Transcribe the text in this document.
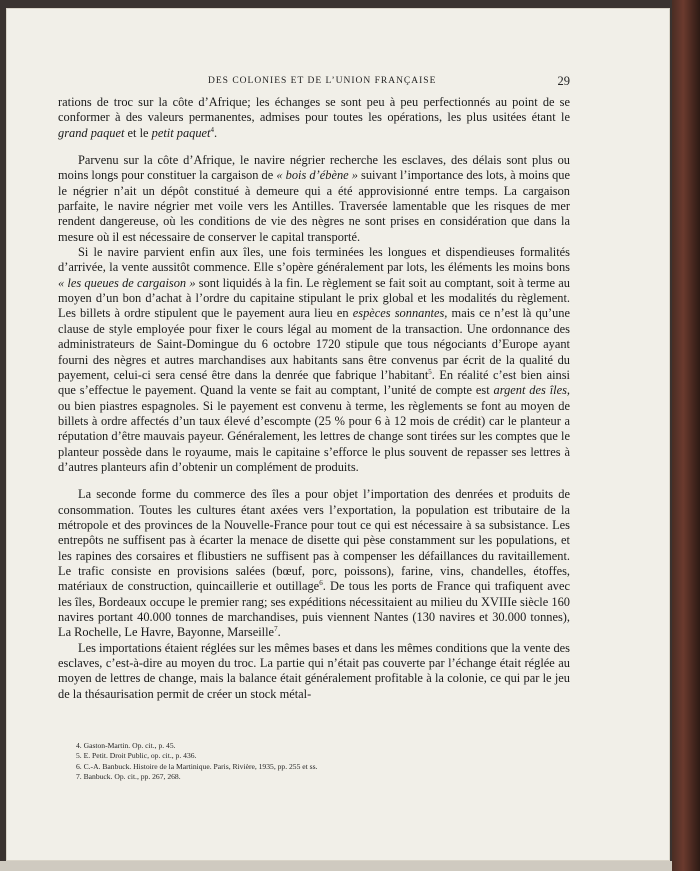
DES COLONIES ET DE L’UNION FRANÇAISE	29

rations de troc sur la côte d’Afrique; les échanges se sont peu à peu perfectionnés au point de se conformer à des valeurs permanentes, admises pour toutes les opérations, les plus usitées étant le grand paquet et le petit paquet$^4$.

Parvenu sur la côte d’Afrique, le navire négrier recherche les esclaves, des délais sont plus ou moins longs pour constituer la cargaison de « bois d’ébène » suivant l’importance des lots, à moins que le négrier n’ait un dépôt constitué à demeure qui a été approvisionné entre temps. La cargaison parfaite, le navire négrier met voile vers les Antilles. Traversée lamentable que les risques de mer rendent dangereuse, où les conditions de vie des nègres ne sont prises en considération que dans la mesure où il est nécessaire de conserver le capital transporté.

Si le navire parvient enfin aux îles, une fois terminées les longues et dispendieuses formalités d’arrivée, la vente aussitôt commence. Elle s’opère généralement par lots, les éléments les moins bons « les queues de cargaison » sont liquidés à la fin. Le règlement se fait soit au comptant, soit à terme au moyen d’un bon d’achat à l’ordre du capitaine stipulant le prix global et les modalités du règlement. Les billets à ordre stipulent que le payement aura lieu en espèces sonnantes, mais ce n’est là qu’une clause de style employée pour fixer le cours légal au moment de la transaction. Une ordonnance des administrateurs de Saint-Domingue du 6 octobre 1720 stipule que tous négociants d’Europe ayant fourni des nègres et autres marchandises aux habitants sans être convenus par écrit de la qualité du payement, celui-ci sera censé être dans la denrée que fabrique l’habitant$^5$. En réalité c’est bien ainsi que s’effectue le payement. Quand la vente se fait au comptant, l’unité de compte est argent des îles, ou bien piastres espagnoles. Si le payement est convenu à terme, les règlements se font au moyen de billets à ordre affectés d’un taux élevé d’escompte (25 % pour 6 à 12 mois de crédit) car le planteur a réputation d’être mauvais payeur. Généralement, les lettres de change sont tirées sur les comptes que le planteur possède dans le royaume, mais le capitaine s’efforce le plus souvent de repasser ses lettres à d’autres planteurs afin d’obtenir un complément de produits.

La seconde forme du commerce des îles a pour objet l’importation des denrées et produits de consommation. Toutes les cultures étant axées vers l’exportation, la population est tributaire de la métropole et des provinces de la Nouvelle-France pour tout ce qui est nécessaire à sa subsistance. Les entrepôts ne suffisent pas à écarter la menace de disette qui pèse constamment sur les populations, et les rapines des corsaires et flibustiers ne suffisent pas à compenser les défaillances du ravitaillement. Le trafic consiste en provisions salées (bœuf, porc, poissons), farine, vins, chandelles, étoffes, matériaux de construction, quincaillerie et outillage$^6$. De tous les ports de France qui trafiquent avec les îles, Bordeaux occupe le premier rang; ses expéditions nécessitaient au milieu du XVIIIe siècle 160 navires portant 40.000 tonnes de marchandises, puis viennent Nantes (130 navires et 30.000 tonnes), La Rochelle, Le Havre, Bayonne, Marseille$^7$.

Les importations étaient réglées sur les mêmes bases et dans les mêmes conditions que la vente des esclaves, c’est-à-dire au moyen du troc. La partie qui n’était pas couverte par l’échange était réglée au moyen de lettres de change, mais la balance était généralement profitable à la colonie, ce qui par le jeu de la thésaurisation permit de créer un stock métal-

4. Gaston-Martin. Op. cit., p. 45.
5. E. Petit. Droit Public, op. cit., p. 436.
6. C.-A. Banbuck. Histoire de la Martinique. Paris, Rivière, 1935, pp. 255 et ss.
7. Banbuck. Op. cit., pp. 267, 268.
